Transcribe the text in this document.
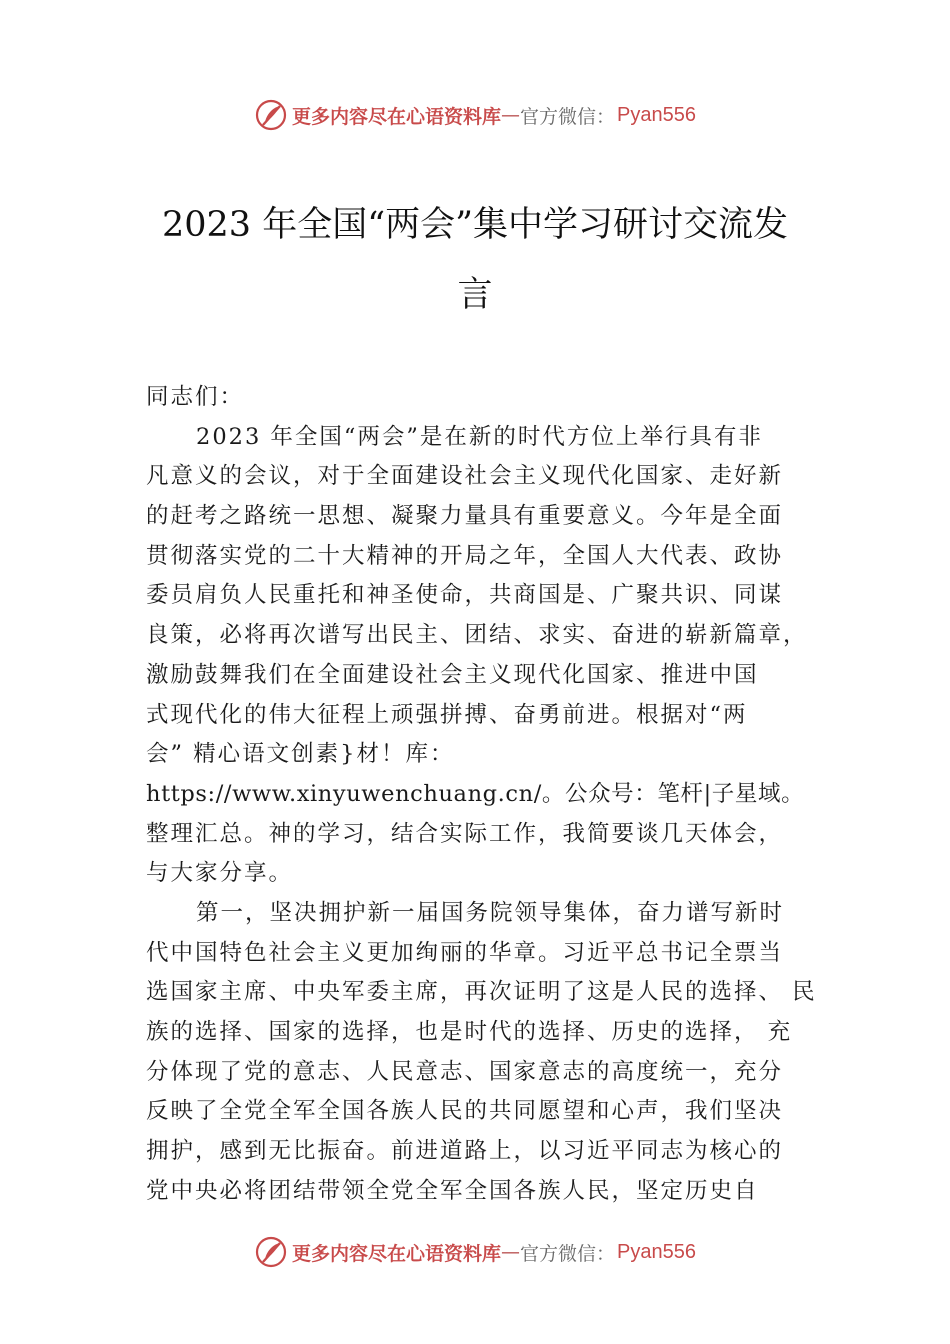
更多内容尽在心语资料库 — 官方微信： Pyan556
2023 年全国“两会”集中学习研讨交流发
言
同志们：
2023 年全国“两会”是在新的时代方位上举行具有非
凡意义的会议，对于全面建设社会主义现代化国家、走好新
的赶考之路统一思想、凝聚力量具有重要意义。今年是全面
贯彻落实党的二十大精神的开局之年，全国人大代表、政协
委员肩负人民重托和神圣使命，共商国是、广聚共识、同谋
良策，必将再次谱写出民主、团结、求实、奋进的崭新篇章，
激励鼓舞我们在全面建设社会主义现代化国家、推进中国
式现代化的伟大征程上顽强拼搏、奋勇前进。根据对“两
会” 精心语文创素}材！库：
https://www.xinyuwenchuang.cn/。公众号：笔杆|子星域。
整理汇总。神的学习，结合实际工作，我简要谈几天体会，
与大家分享。
第一，坚决拥护新一届国务院领导集体，奋力谱写新时
代中国特色社会主义更加绚丽的华章。习近平总书记全票当
选国家主席、中央军委主席，再次证明了这是人民的选择、 民
族的选择、国家的选择，也是时代的选择、历史的选择， 充
分体现了党的意志、人民意志、国家意志的高度统一，充分
反映了全党全军全国各族人民的共同愿望和心声，我们坚决
拥护，感到无比振奋。前进道路上，以习近平同志为核心的
党中央必将团结带领全党全军全国各族人民，坚定历史自
更多内容尽在心语资料库 — 官方微信： Pyan556
